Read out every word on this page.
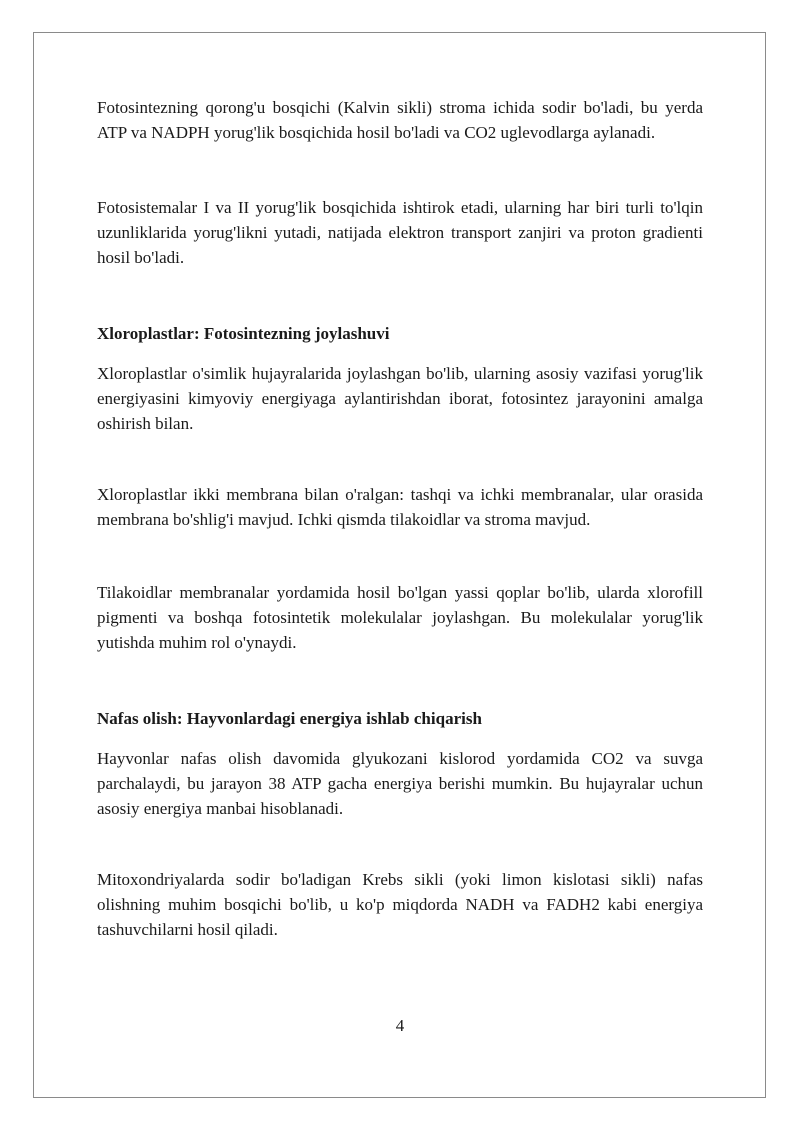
Fotosintezning qorong'u bosqichi (Kalvin sikli) stroma ichida sodir bo'ladi, bu yerda ATP va NADPH yorug'lik bosqichida hosil bo'ladi va CO2 uglevodlarga aylanadi.

Fotosistemalar I va II yorug'lik bosqichida ishtirok etadi, ularning har biri turli to'lqin uzunliklarida yorug'likni yutadi, natijada elektron transport zanjiri va proton gradienti hosil bo'ladi.

Xloroplastlar: Fotosintezning joylashuvi

Xloroplastlar o'simlik hujayralarida joylashgan bo'lib, ularning asosiy vazifasi yorug'lik energiyasini kimyoviy energiyaga aylantirishdan iborat, fotosintez jarayonini amalga oshirish bilan.

Xloroplastlar ikki membrana bilan o'ralgan: tashqi va ichki membranalar, ular orasida membrana bo'shlig'i mavjud. Ichki qismda tilakoidlar va stroma mavjud.

Tilakoidlar membranalar yordamida hosil bo'lgan yassi qoplar bo'lib, ularda xlorofill pigmenti va boshqa fotosintetik molekulalar joylashgan. Bu molekulalar yorug'lik yutishda muhim rol o'ynaydi.

Nafas olish: Hayvonlardagi energiya ishlab chiqarish

Hayvonlar nafas olish davomida glyukozani kislorod yordamida CO2 va suvga parchalaydi, bu jarayon 38 ATP gacha energiya berishi mumkin. Bu hujayralar uchun asosiy energiya manbai hisoblanadi.

Mitoxondriyalarda sodir bo'ladigan Krebs sikli (yoki limon kislotasi sikli) nafas olishning muhim bosqichi bo'lib, u ko'p miqdorda NADH va FADH2 kabi energiya tashuvchilarni hosil qiladi.

4
